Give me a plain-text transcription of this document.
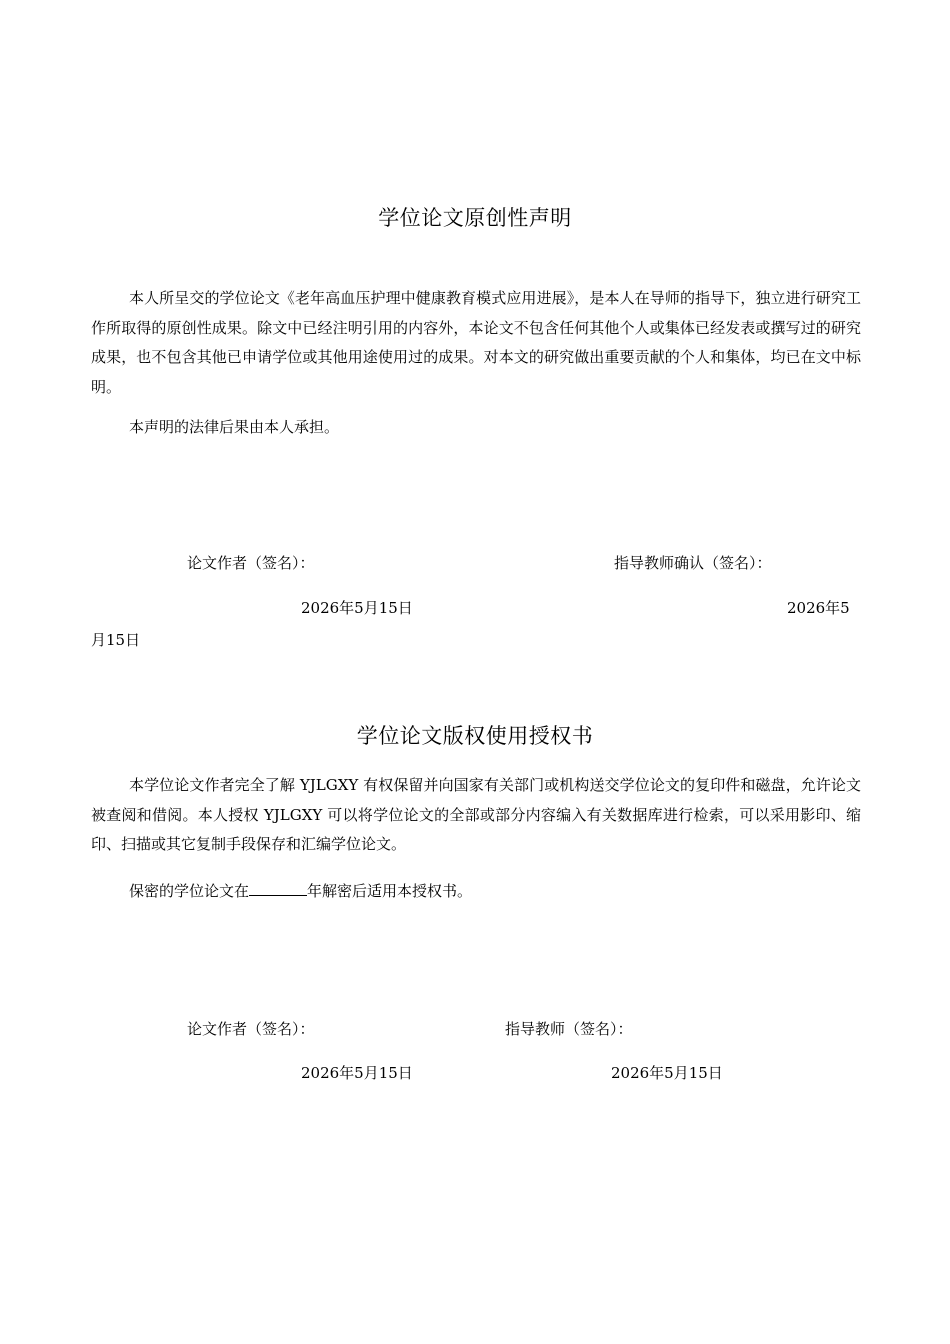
学位论文原创性声明
本人所呈交的学位论文《老年高血压护理中健康教育模式应用进展》，是本人在导师的指导下，独立进行研究工作所取得的原创性成果。除文中已经注明引用的内容外，本论文不包含任何其他个人或集体已经发表或撰写过的研究成果，也不包含其他已申请学位或其他用途使用过的成果。对本文的研究做出重要贡献的个人和集体，均已在文中标明。
本声明的法律后果由本人承担。
论文作者（签名）：	指导教师确认（签名）：
2026年5月15日	2026年5
月15日
学位论文版权使用授权书
本学位论文作者完全了解 YJLGXY 有权保留并向国家有关部门或机构送交学位论文的复印件和磁盘，允许论文被查阅和借阅。本人授权 YJLGXY 可以将学位论文的全部或部分内容编入有关数据库进行检索，可以采用影印、缩印、扫描或其它复制手段保存和汇编学位论文。
保密的学位论文在	年解密后适用本授权书。
论文作者（签名）：	指导教师（签名）：
2026年5月15日	2026年5月15日
